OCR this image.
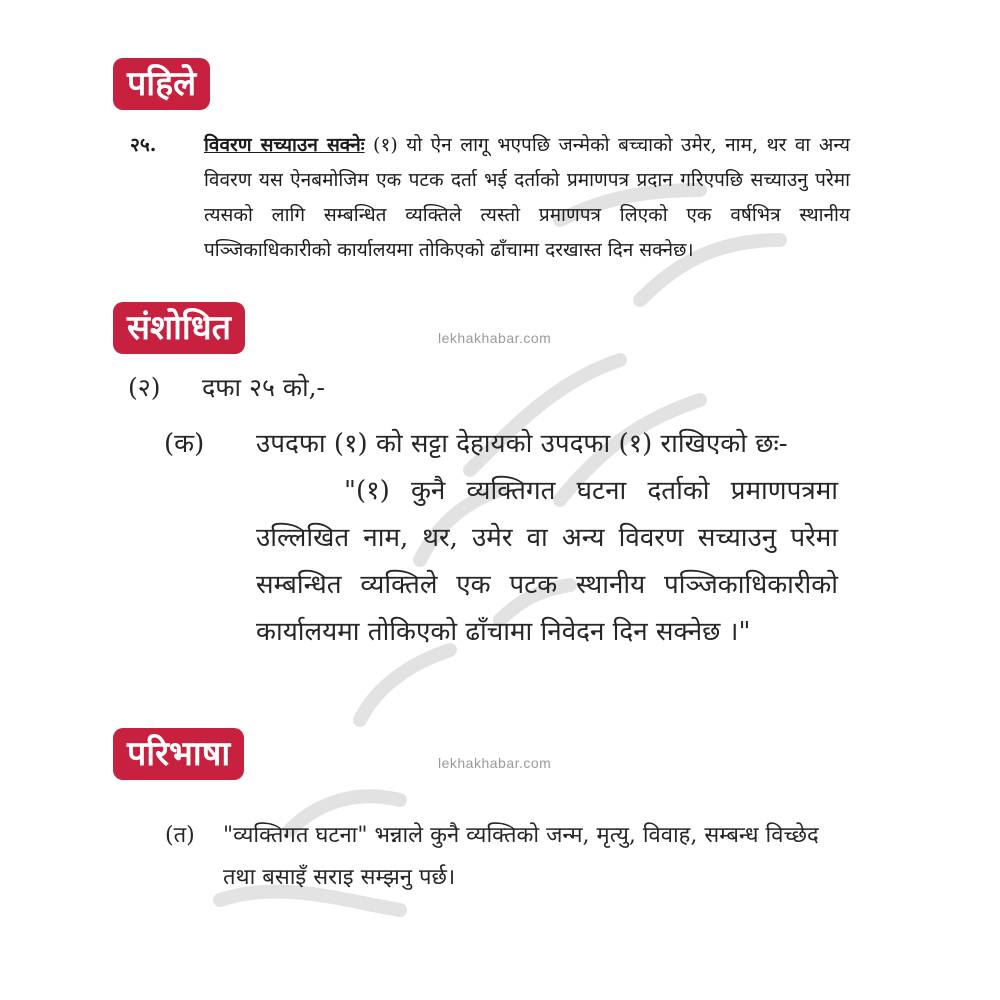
पहिले
संशोधित
परिभाषा
lekhakhabar.com
lekhakhabar.com
२५.	विवरण सच्याउन सक्नेः (१) यो ऐन लागू भएपछि जन्मेको बच्चाको उमेर, नाम, थर वा अन्य विवरण यस ऐनबमोजिम एक पटक दर्ता भई दर्ताको प्रमाणपत्र प्रदान गरिएपछि सच्याउनु परेमा त्यसको लागि सम्बन्धित व्यक्तिले त्यस्तो प्रमाणपत्र लिएको एक वर्षभित्र स्थानीय पञ्जिकाधिकारीको कार्यालयमा तोकिएको ढाँचामा दरखास्त दिन सक्नेछ।
(२) दफा २५ को,-
(क) उपदफा (१) को सट्टा देहायको उपदफा (१) राखिएको छः-
"(१) कुनै व्यक्तिगत घटना दर्ताको प्रमाणपत्रमा उल्लिखित नाम, थर, उमेर वा अन्य विवरण सच्याउनु परेमा सम्बन्धित व्यक्तिले एक पटक स्थानीय पञ्जिकाधिकारीको कार्यालयमा तोकिएको ढाँचामा निवेदन दिन सक्नेछ ।"
(त) "व्यक्तिगत घटना" भन्नाले कुनै व्यक्तिको जन्म, मृत्यु, विवाह, सम्बन्ध विच्छेद तथा बसाइँ सराइ सम्झनु पर्छ।
